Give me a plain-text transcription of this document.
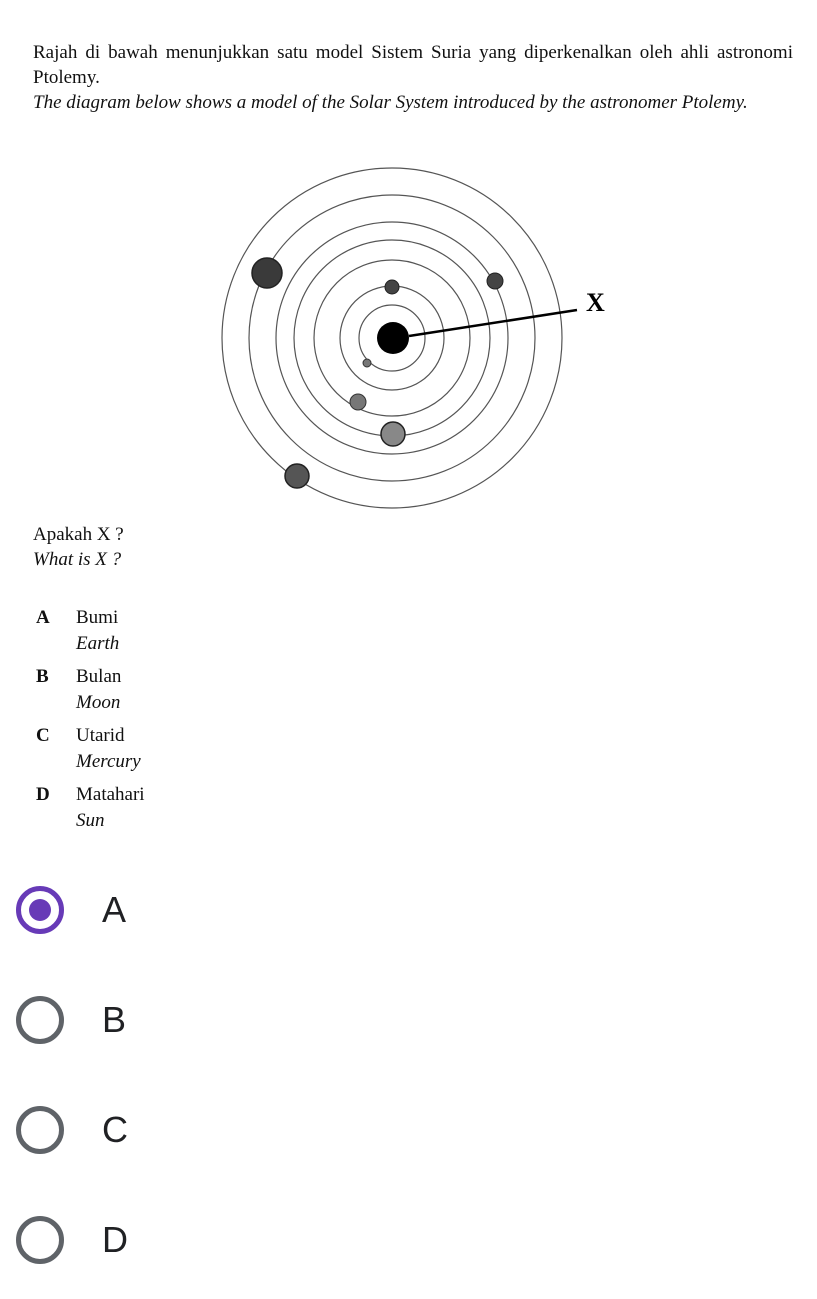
Rajah di bawah menunjukkan satu model Sistem Suria yang diperkenalkan oleh ahli astronomi Ptolemy.

The diagram below shows a model of the Solar System introduced by the astronomer Ptolemy.

X
Apakah X ?
What is X ?
A Bumi
Earth
B Bulan
Moon
C Utarid
Mercury
D Matahari
Sun
A
B
C
D
